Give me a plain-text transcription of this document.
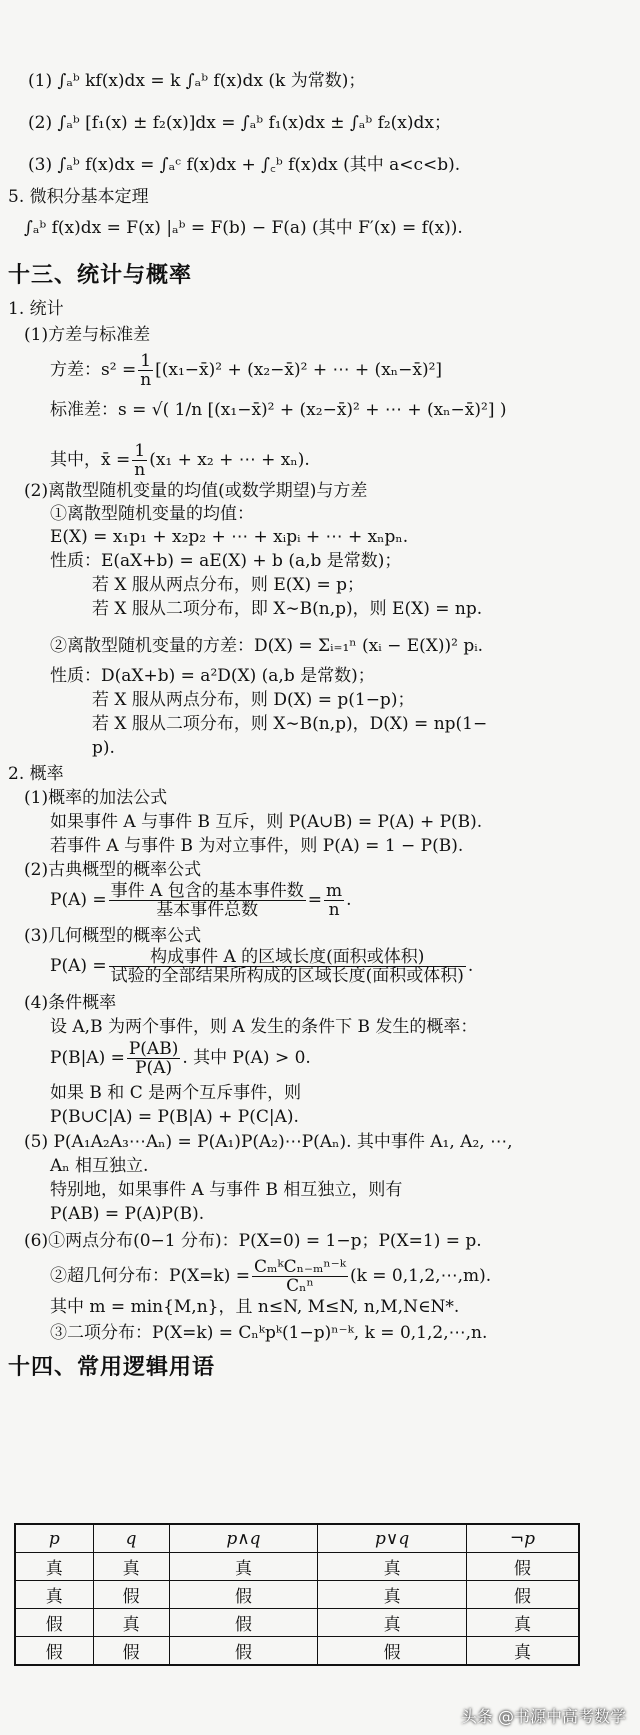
(1) ∫ₐᵇ kf(x)dx = k ∫ₐᵇ f(x)dx (k 为常数)；
(2) ∫ₐᵇ [f₁(x) ± f₂(x)]dx = ∫ₐᵇ f₁(x)dx ± ∫ₐᵇ f₂(x)dx；
(3) ∫ₐᵇ f(x)dx = ∫ₐᶜ f(x)dx + ∫꜀ᵇ f(x)dx (其中 a<c<b).
5. 微积分基本定理
∫ₐᵇ f(x)dx = F(x) |ₐᵇ = F(b) − F(a) (其中 F′(x) = f(x)).
十三、统计与概率
1. 统计
(1)方差与标准差
方差：$s^2 = \frac{1}{n}$ [(x₁−x̄)² + (x₂−x̄)² + ⋯ + (xₙ−x̄)²]
标准差：s = √( 1/n [(x₁−x̄)² + (x₂−x̄)² + ⋯ + (xₙ−x̄)²] )
其中，x̄ = $\frac{1}{n} (x_1 + x_2$ + ⋯ + xₙ).
(2)离散型随机变量的均值(或数学期望)与方差
①离散型随机变量的均值：
E(X) = x₁p₁ + x₂p₂ + ⋯ + xᵢpᵢ + ⋯ + xₙpₙ.
性质：E(aX+b) = aE(X) + b (a,b 是常数)；
若 X 服从两点分布，则 E(X) = p；
若 X 服从二项分布，即 X∼B(n,p)，则 E(X) = np.
②离散型随机变量的方差：D(X) = Σᵢ₌₁ⁿ (xᵢ − E(X))² pᵢ.
性质：D(aX+b) = a²D(X) (a,b 是常数)；
若 X 服从两点分布，则 D(X) = p(1−p)；
若 X 服从二项分布，则 X∼B(n,p)，D(X) = np(1−
p).
2. 概率
(1)概率的加法公式
如果事件 A 与事件 B 互斥，则 P(A∪B) = P(A) + P(B).
若事件 A 与事件 B 为对立事件，则 P(A) = 1 − P(B).
(2)古典概型的概率公式
$P(A) = \frac{\text{事件 A 包含的基本事件数}}{\text{基本事件总数}} = \frac{m}{n}$ .
(3)几何概型的概率公式
$P(A) = \frac{\text{构成事件 A 的区域长度(面积或体积)}}{\text{试验的全部结果所构成的区域长度(面积或体积)}}$ .
(4)条件概率
设 A,B 为两个事件，则 A 发生的条件下 B 发生的概率：
$P(B|A) = \frac{P(AB)}{P(A)}$ . 其中 P(A) > 0.
如果 B 和 C 是两个互斥事件，则
P(B∪C|A) = P(B|A) + P(C|A).
(5) P(A₁A₂A₃⋯Aₙ) = P(A₁)P(A₂)⋯P(Aₙ). 其中事件 A₁, A₂, ⋯,
Aₙ 相互独立.
特别地，如果事件 A 与事件 B 相互独立，则有
P(AB) = P(A)P(B).
(6)①两点分布(0−1 分布)：P(X=0) = 1−p；P(X=1) = p.
②超几何分布：$P(X=k) = \frac{\text{CₘᵏCₙ₋ₘⁿ⁻ᵏ}}{\text{Cₙⁿ}} (k$ = 0,1,2,⋯,m).
其中 m = min{M,n}，且 n≤N, M≤N, n,M,N∈N*.
③二项分布：P(X=k) = Cₙᵏpᵏ(1−p)ⁿ⁻ᵏ, k = 0,1,2,⋯,n.
十四、常用逻辑用语
p	q	p∧q	p∨q	¬p
真	真	真	真	假
真	假	假	真	假
假	真	假	真	真
假	假	假	假	真
头条 @书源中高考数学
